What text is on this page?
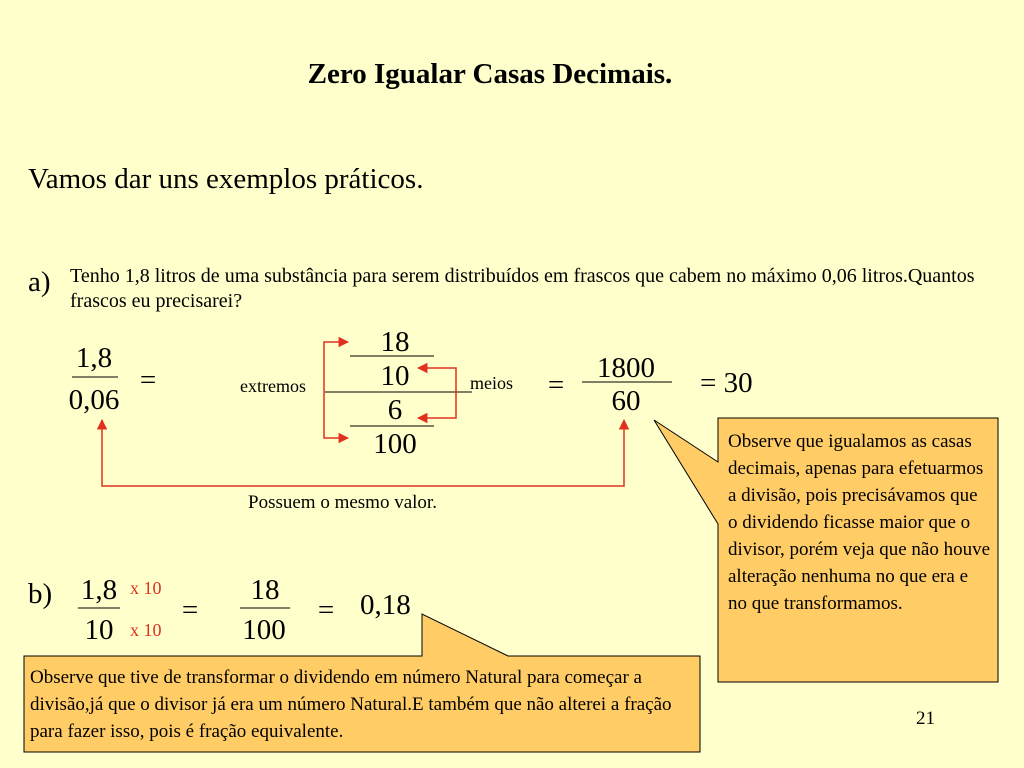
Zero Igualar Casas Decimais.
Vamos dar uns exemplos práticos.
a) Tenho 1,8 litros de uma substância para serem distribuídos em frascos que cabem no máximo 0,06 litros.Quantos frascos eu precisarei?
1,8
0,06
=
18
10
6
100
extremos	meios =
1800
60
= 30
Possuem o mesmo valor.
b) 1,8
10
x 10
x 10
=
18
100
= 0,18
Observe que igualamos as casas decimais, apenas para efetuarmos a divisão, pois precisávamos que o dividendo ficasse maior que o divisor, porém veja que não houve alteração nenhuma no que era e no que transformamos.
Observe que tive de transformar o dividendo em número Natural para começar a divisão,já que o divisor já era um número Natural.E também que não alterei a fração para fazer isso, pois é fração equivalente.
21
